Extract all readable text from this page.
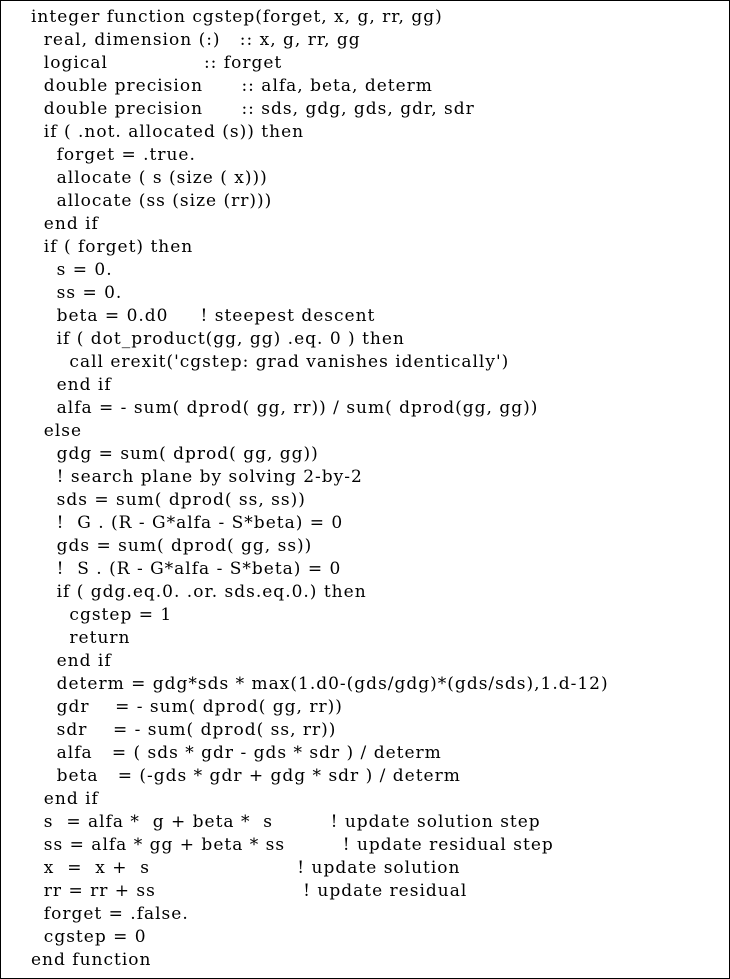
integer function cgstep(forget, x, g, rr, gg)

real, dimension (:)   :: x, g, rr, gg

logical               :: forget

double precision      :: alfa, beta, determ

double precision      :: sds, gdg, gds, gdr, sdr

if ( .not. allocated (s)) then

forget = .true.

allocate ( s (size ( x)))

allocate (ss (size (rr)))

end if

if ( forget) then

s = 0.

ss = 0.

beta = 0.d0     ! steepest descent

if ( dot_product(gg, gg) .eq. 0 ) then

call erexit('cgstep: grad vanishes identically')

end if

alfa = - sum( dprod( gg, rr)) / sum( dprod(gg, gg))

else

gdg = sum( dprod( gg, gg))

! search plane by solving 2-by-2

sds = sum( dprod( ss, ss))

!  G . (R - G*alfa - S*beta) = 0

gds = sum( dprod( gg, ss))

!  S . (R - G*alfa - S*beta) = 0

if ( gdg.eq.0. .or. sds.eq.0.) then

cgstep = 1

return

end if

determ = gdg*sds * max(1.d0-(gds/gdg)*(gds/sds),1.d-12)

gdr    = - sum( dprod( gg, rr))

sdr    = - sum( dprod( ss, rr))

alfa   = ( sds * gdr - gds * sdr ) / determ

beta   = (-gds * gdr + gdg * sdr ) / determ

end if

s  = alfa *  g + beta *  s         ! update solution step

ss = alfa * gg + beta * ss         ! update residual step

x  =  x +  s                       ! update solution

rr = rr + ss                       ! update residual

forget = .false.

cgstep = 0

end function
